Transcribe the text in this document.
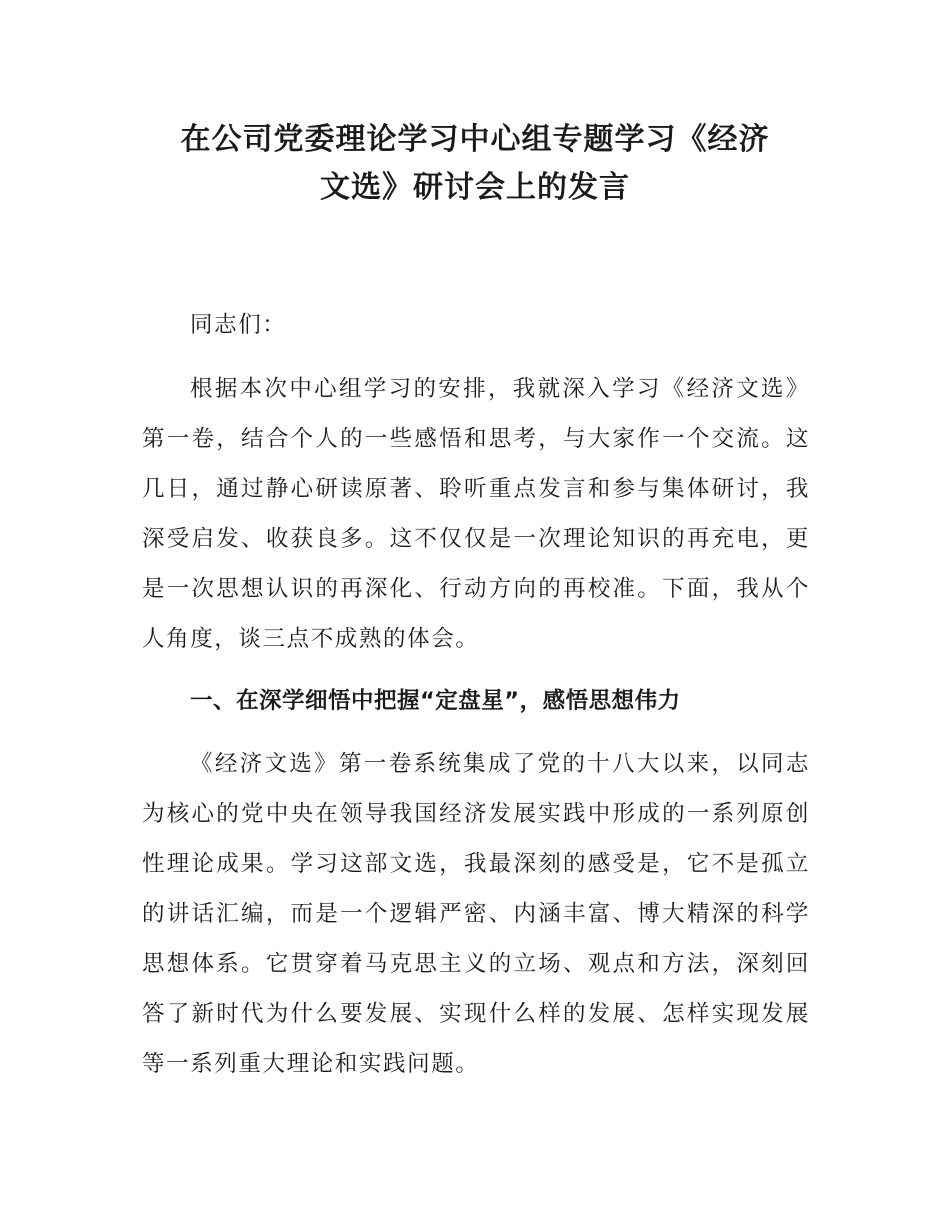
在公司党委理论学习中心组专题学习《经济
文选》研讨会上的发言

同志们：

根据本次中心组学习的安排，我就深入学习《经济文选》第一卷，结合个人的一些感悟和思考，与大家作一个交流。这几日，通过静心研读原著、聆听重点发言和参与集体研讨，我深受启发、收获良多。这不仅仅是一次理论知识的再充电，更是一次思想认识的再深化、行动方向的再校准。下面，我从个人角度，谈三点不成熟的体会。

一、在深学细悟中把握“定盘星”，感悟思想伟力

《经济文选》第一卷系统集成了党的十八大以来，以同志为核心的党中央在领导我国经济发展实践中形成的一系列原创性理论成果。学习这部文选，我最深刻的感受是，它不是孤立的讲话汇编，而是一个逻辑严密、内涵丰富、博大精深的科学思想体系。它贯穿着马克思主义的立场、观点和方法，深刻回答了新时代为什么要发展、实现什么样的发展、怎样实现发展等一系列重大理论和实践问题。
